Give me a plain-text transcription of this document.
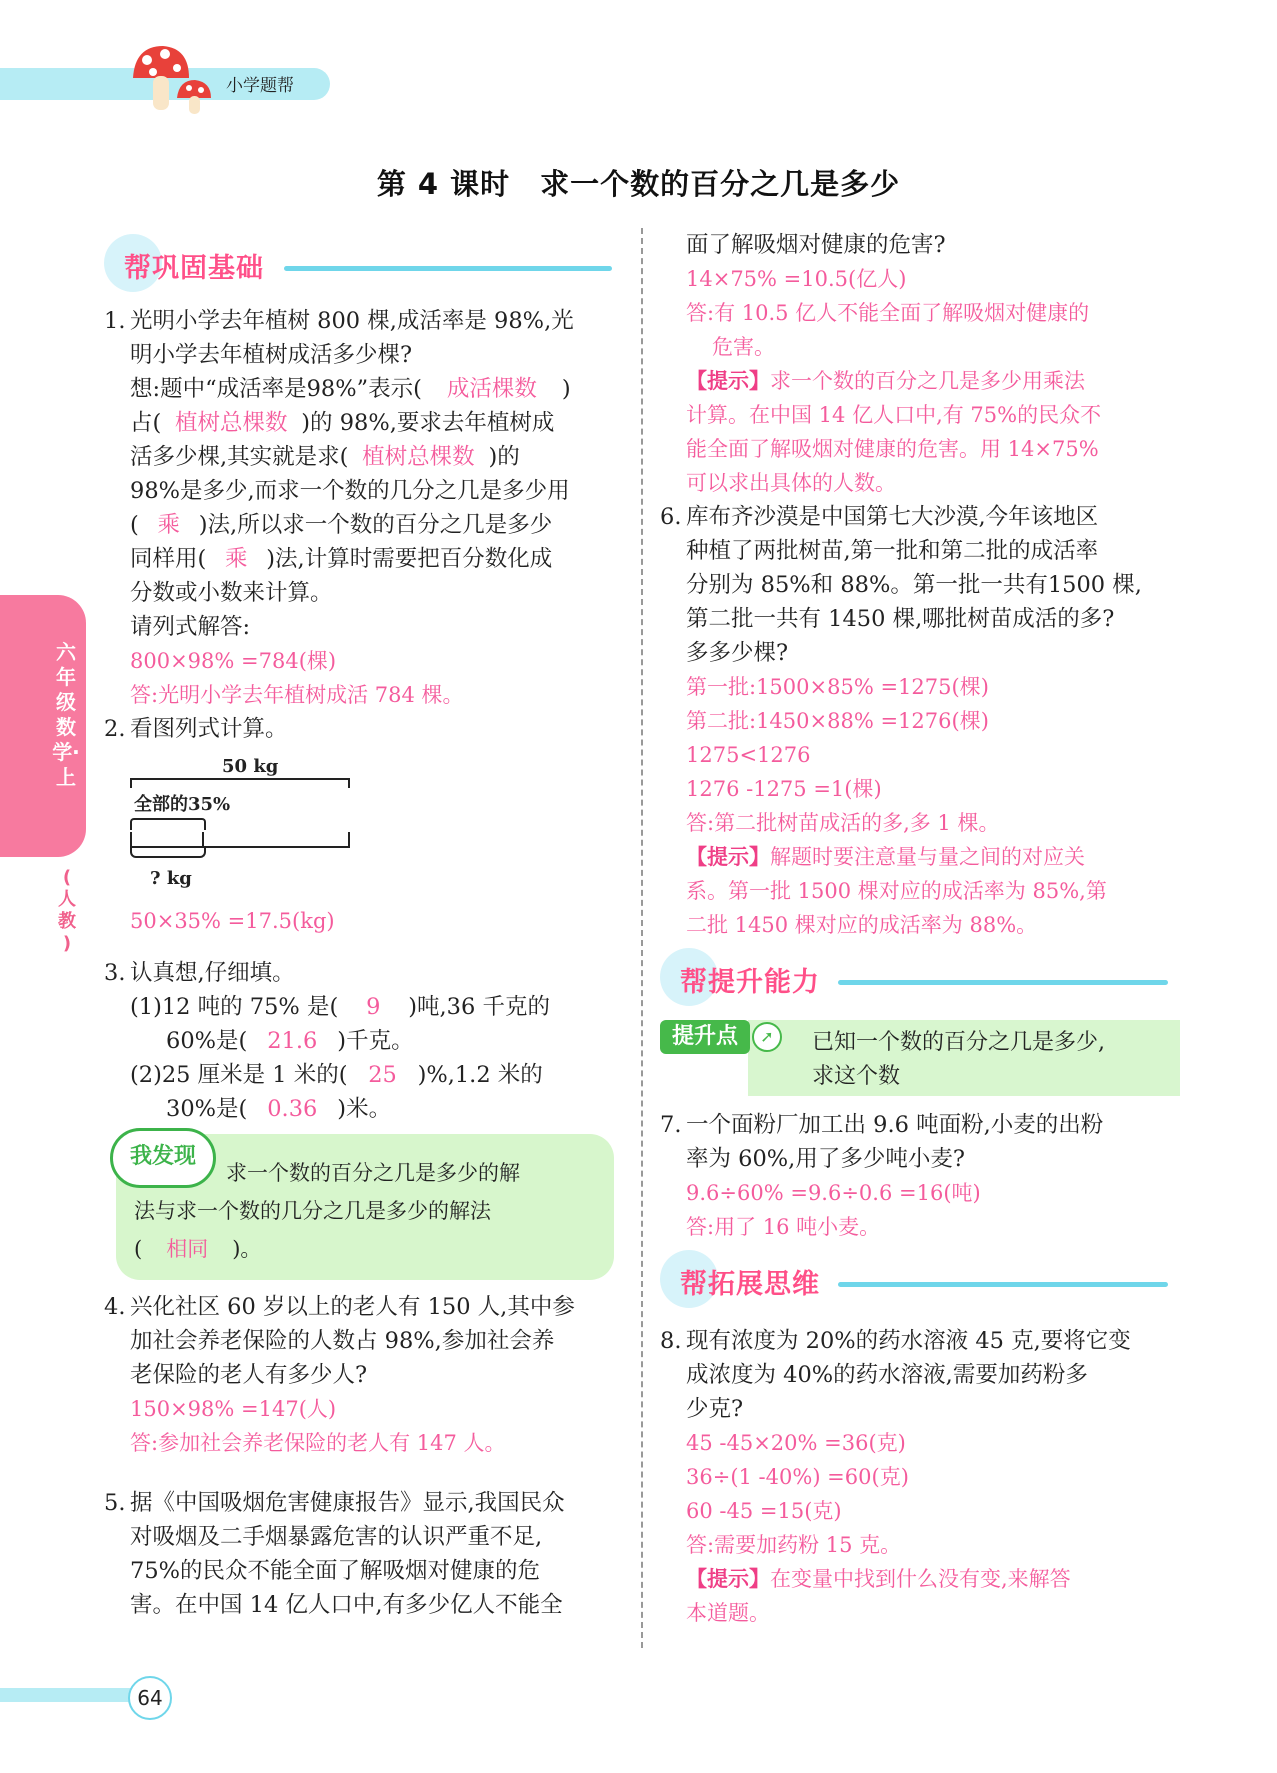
小学题帮
第 4 课时　求一个数的百分之几是多少
六年级数学·上
(
人教
)
帮巩固基础
1. 光明小学去年植树 800 棵,成活率是 98%,光
明小学去年植树成活多少棵?
想:题中“成活率是98%”表示( 成活棵数 )
占( 植树总棵数 )的 98%,要求去年植树成
活多少棵,其实就是求( 植树总棵数 )的
98%是多少,而求一个数的几分之几是多少用
( 乘 )法,所以求一个数的百分之几是多少
同样用( 乘 )法,计算时需要把百分数化成
分数或小数来计算。
请列式解答:
800×98% =784(棵)
答:光明小学去年植树成活 784 棵。
2. 看图列式计算。
50 kg
全部的35%
? kg
50×35% =17.5(kg)
3. 认真想,仔细填。
(1)12 吨的 75% 是( 9 )吨,36 千克的
60%是( 21.6 )千克。
(2)25 厘米是 1 米的( 25 )%,1.2 米的
30%是( 0.36 )米。
我发现
求一个数的百分之几是多少的解
法与求一个数的几分之几是多少的解法
( 相同 )。
4. 兴化社区 60 岁以上的老人有 150 人,其中参
加社会养老保险的人数占 98%,参加社会养
老保险的老人有多少人?
150×98% =147(人)
答:参加社会养老保险的老人有 147 人。
5. 据《中国吸烟危害健康报告》显示,我国民众
对吸烟及二手烟暴露危害的认识严重不足,
75%的民众不能全面了解吸烟对健康的危
害。在中国 14 亿人口中,有多少亿人不能全
面了解吸烟对健康的危害?
14×75% =10.5(亿人)
答:有 10.5 亿人不能全面了解吸烟对健康的
危害。
【提示】求一个数的百分之几是多少用乘法
计算。在中国 14 亿人口中,有 75%的民众不
能全面了解吸烟对健康的危害。用 14×75%
可以求出具体的人数。
6. 库布齐沙漠是中国第七大沙漠,今年该地区
种植了两批树苗,第一批和第二批的成活率
分别为 85%和 88%。第一批一共有1500 棵,
第二批一共有 1450 棵,哪批树苗成活的多?
多多少棵?
第一批:1500×85% =1275(棵)
第二批:1450×88% =1276(棵)
1275<1276
1276 -1275 =1(棵)
答:第二批树苗成活的多,多 1 棵。
【提示】解题时要注意量与量之间的对应关
系。第一批 1500 棵对应的成活率为 85%,第
二批 1450 棵对应的成活率为 88%。
帮提升能力
已知一个数的百分之几是多少,
求这个数
提升点	➚
7. 一个面粉厂加工出 9.6 吨面粉,小麦的出粉
率为 60%,用了多少吨小麦?
9.6÷60% =9.6÷0.6 =16(吨)
答:用了 16 吨小麦。
帮拓展思维
8. 现有浓度为 20%的药水溶液 45 克,要将它变
成浓度为 40%的药水溶液,需要加药粉多
少克?
45 -45×20% =36(克)
36÷(1 -40%) =60(克)
60 -45 =15(克)
答:需要加药粉 15 克。
【提示】在变量中找到什么没有变,来解答
本道题。
64
